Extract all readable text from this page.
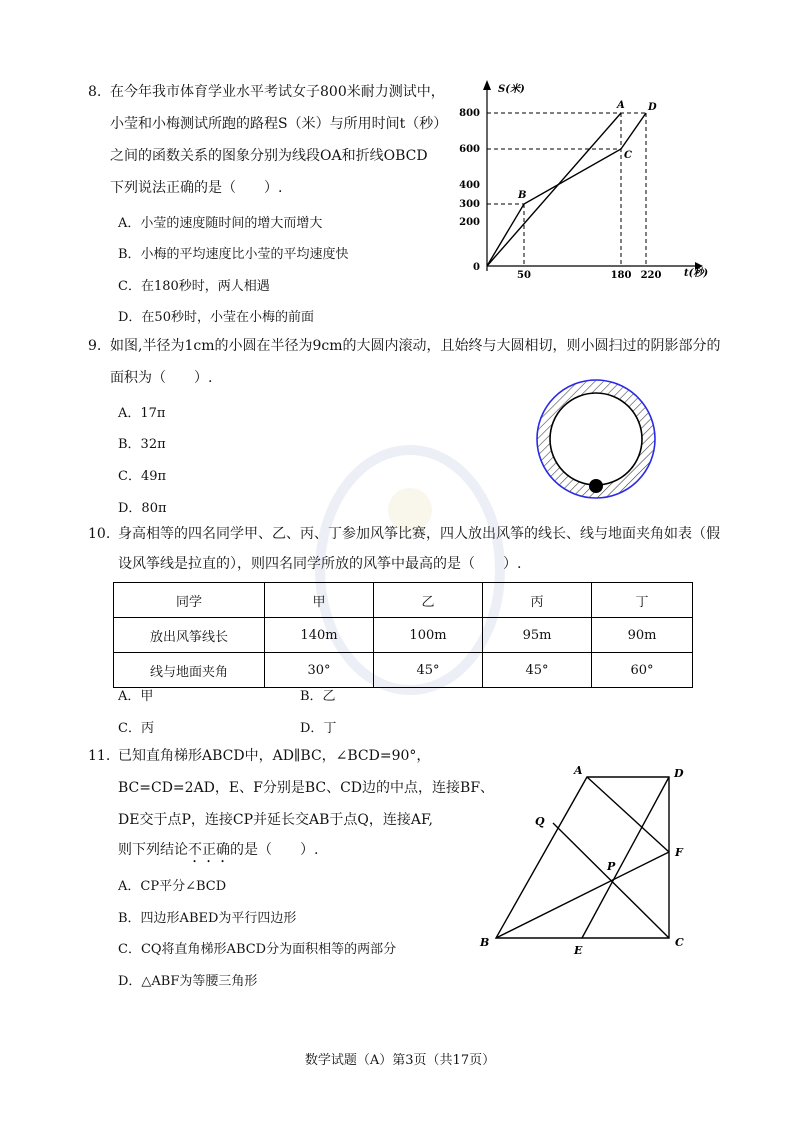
8. 在今年我市体育学业水平考试女子800米耐力测试中，
小莹和小梅测试所跑的路程S（米）与所用时间t（秒）
之间的函数关系的图象分别为线段OA和折线OBCD
下列说法正确的是（　　）.
A．小莹的速度随时间的增大而增大
B．小梅的平均速度比小莹的平均速度快
C．在180秒时，两人相遇
D．在50秒时，小莹在小梅的前面
800
600
400
300
200
0
50	180 220
S(米)
t(秒)
A D
C
B
9. 如图,半径为1cm的小圆在半径为9cm的大圆内滚动，且始终与大圆相切，则小圆扫过的阴影部分的
面积为（　　）.
A．17π
B．32π
C．49π
D．80π
10. 身高相等的四名同学甲、乙、丙、丁参加风筝比赛，四人放出风筝的线长、线与地面夹角如表（假
设风筝线是拉直的），则四名同学所放的风筝中最高的是（　　）.
同学	甲	乙	丙	丁
放出风筝线长	140m	100m	95m	90m
线与地面夹角	30°	45°	45°	60°
A．甲	B．乙
C．丙	D．丁
11. 已知直角梯形ABCD中，AD∥BC，∠BCD=90°，
BC=CD=2AD，E、F分别是BC、CD边的中点，连接BF、
DE交于点P，连接CP并延长交AB于点Q，连接AF,
则下列结论不正确的是（　　）.
A．CP平分∠BCD
B．四边形ABED为平行四边形
C．CQ将直角梯形ABCD分为面积相等的两部分
D．△ABF为等腰三角形
A	D
Q
F
P
B
E
C
数学试题（A）第3页（共17页）
